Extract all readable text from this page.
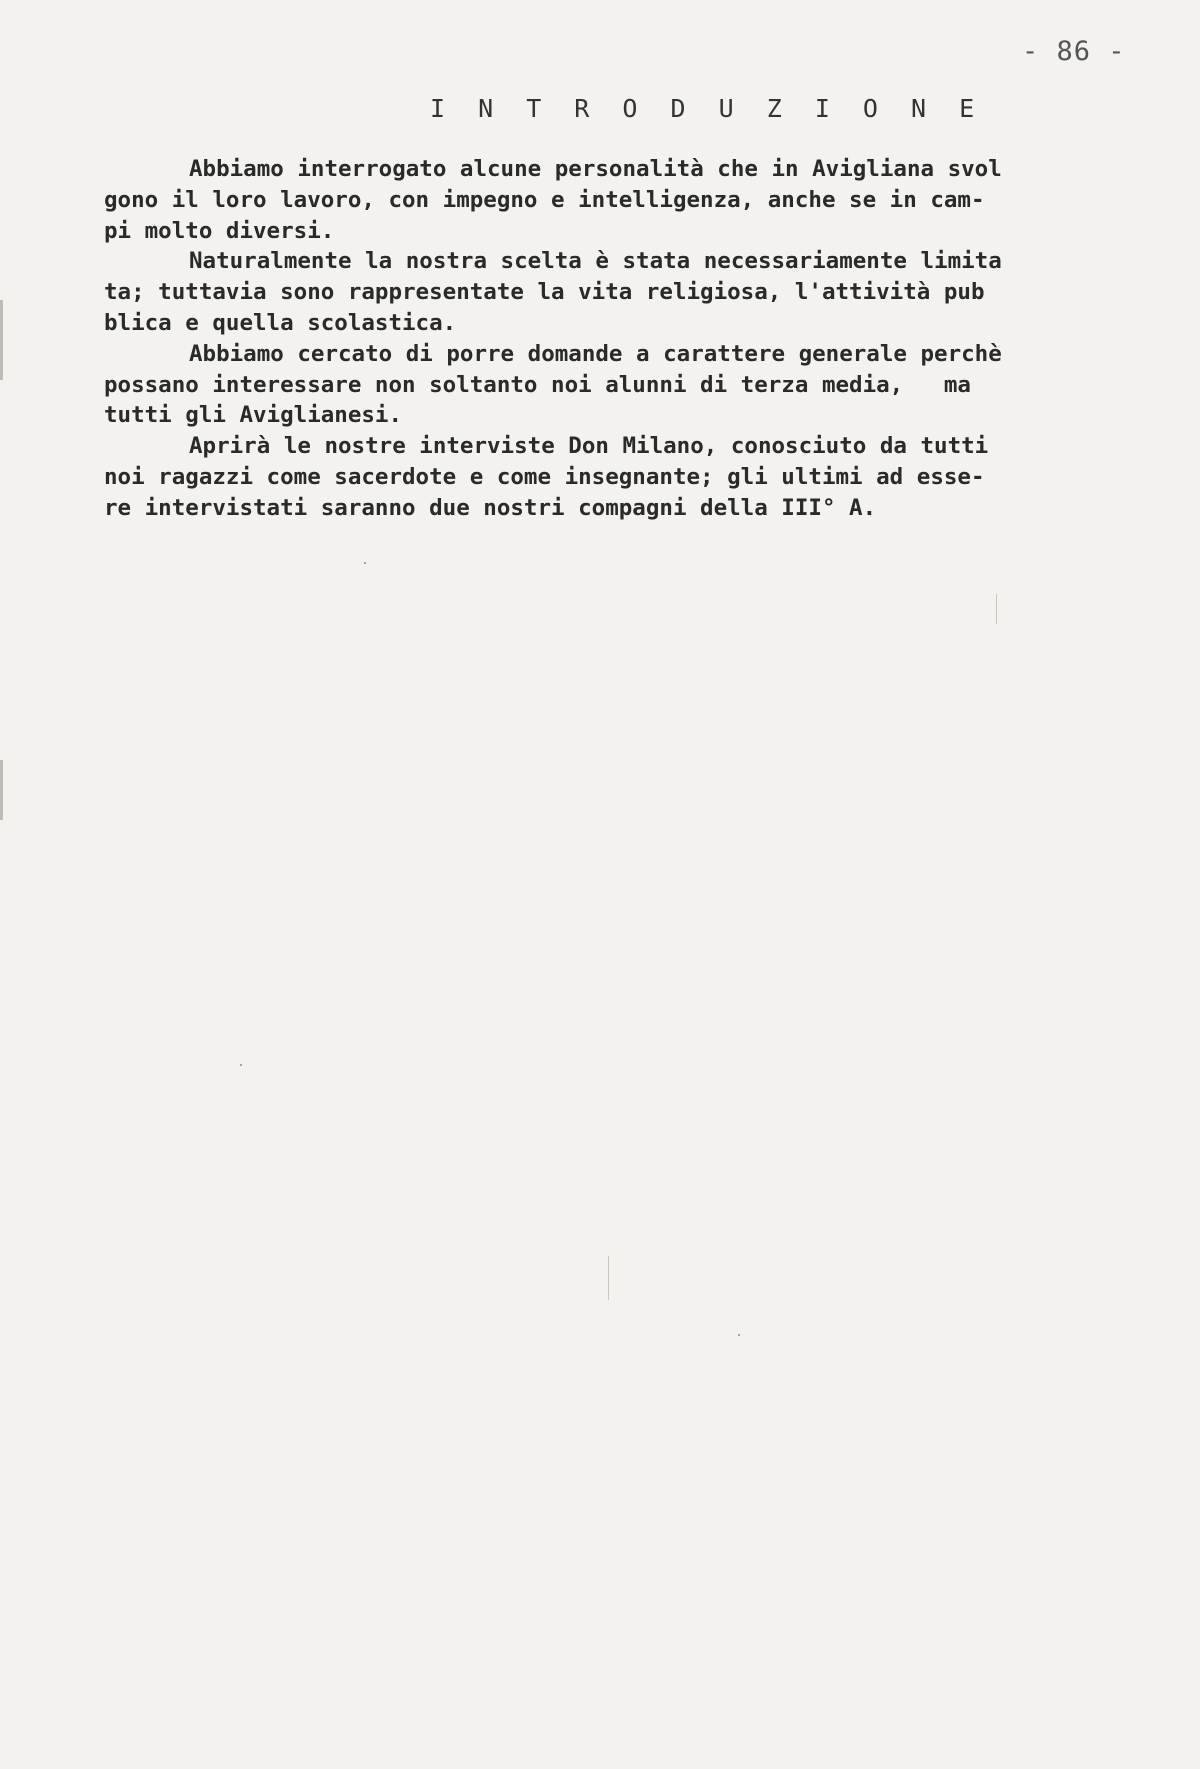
- 86 -
I N T R O D U Z I O N E
Abbiamo interrogato alcune personalità che in Avigliana svol
gono il loro lavoro, con impegno e intelligenza, anche se in cam-
pi molto diversi.
Naturalmente la nostra scelta è stata necessariamente limita
ta; tuttavia sono rappresentate la vita religiosa, l'attività pub
blica e quella scolastica.
Abbiamo cercato di porre domande a carattere generale perchè
possano interessare non soltanto noi alunni di terza media,   ma
tutti gli Aviglianesi.
Aprirà le nostre interviste Don Milano, conosciuto da tutti
noi ragazzi come sacerdote e come insegnante; gli ultimi ad esse-
re intervistati saranno due nostri compagni della III° A.
